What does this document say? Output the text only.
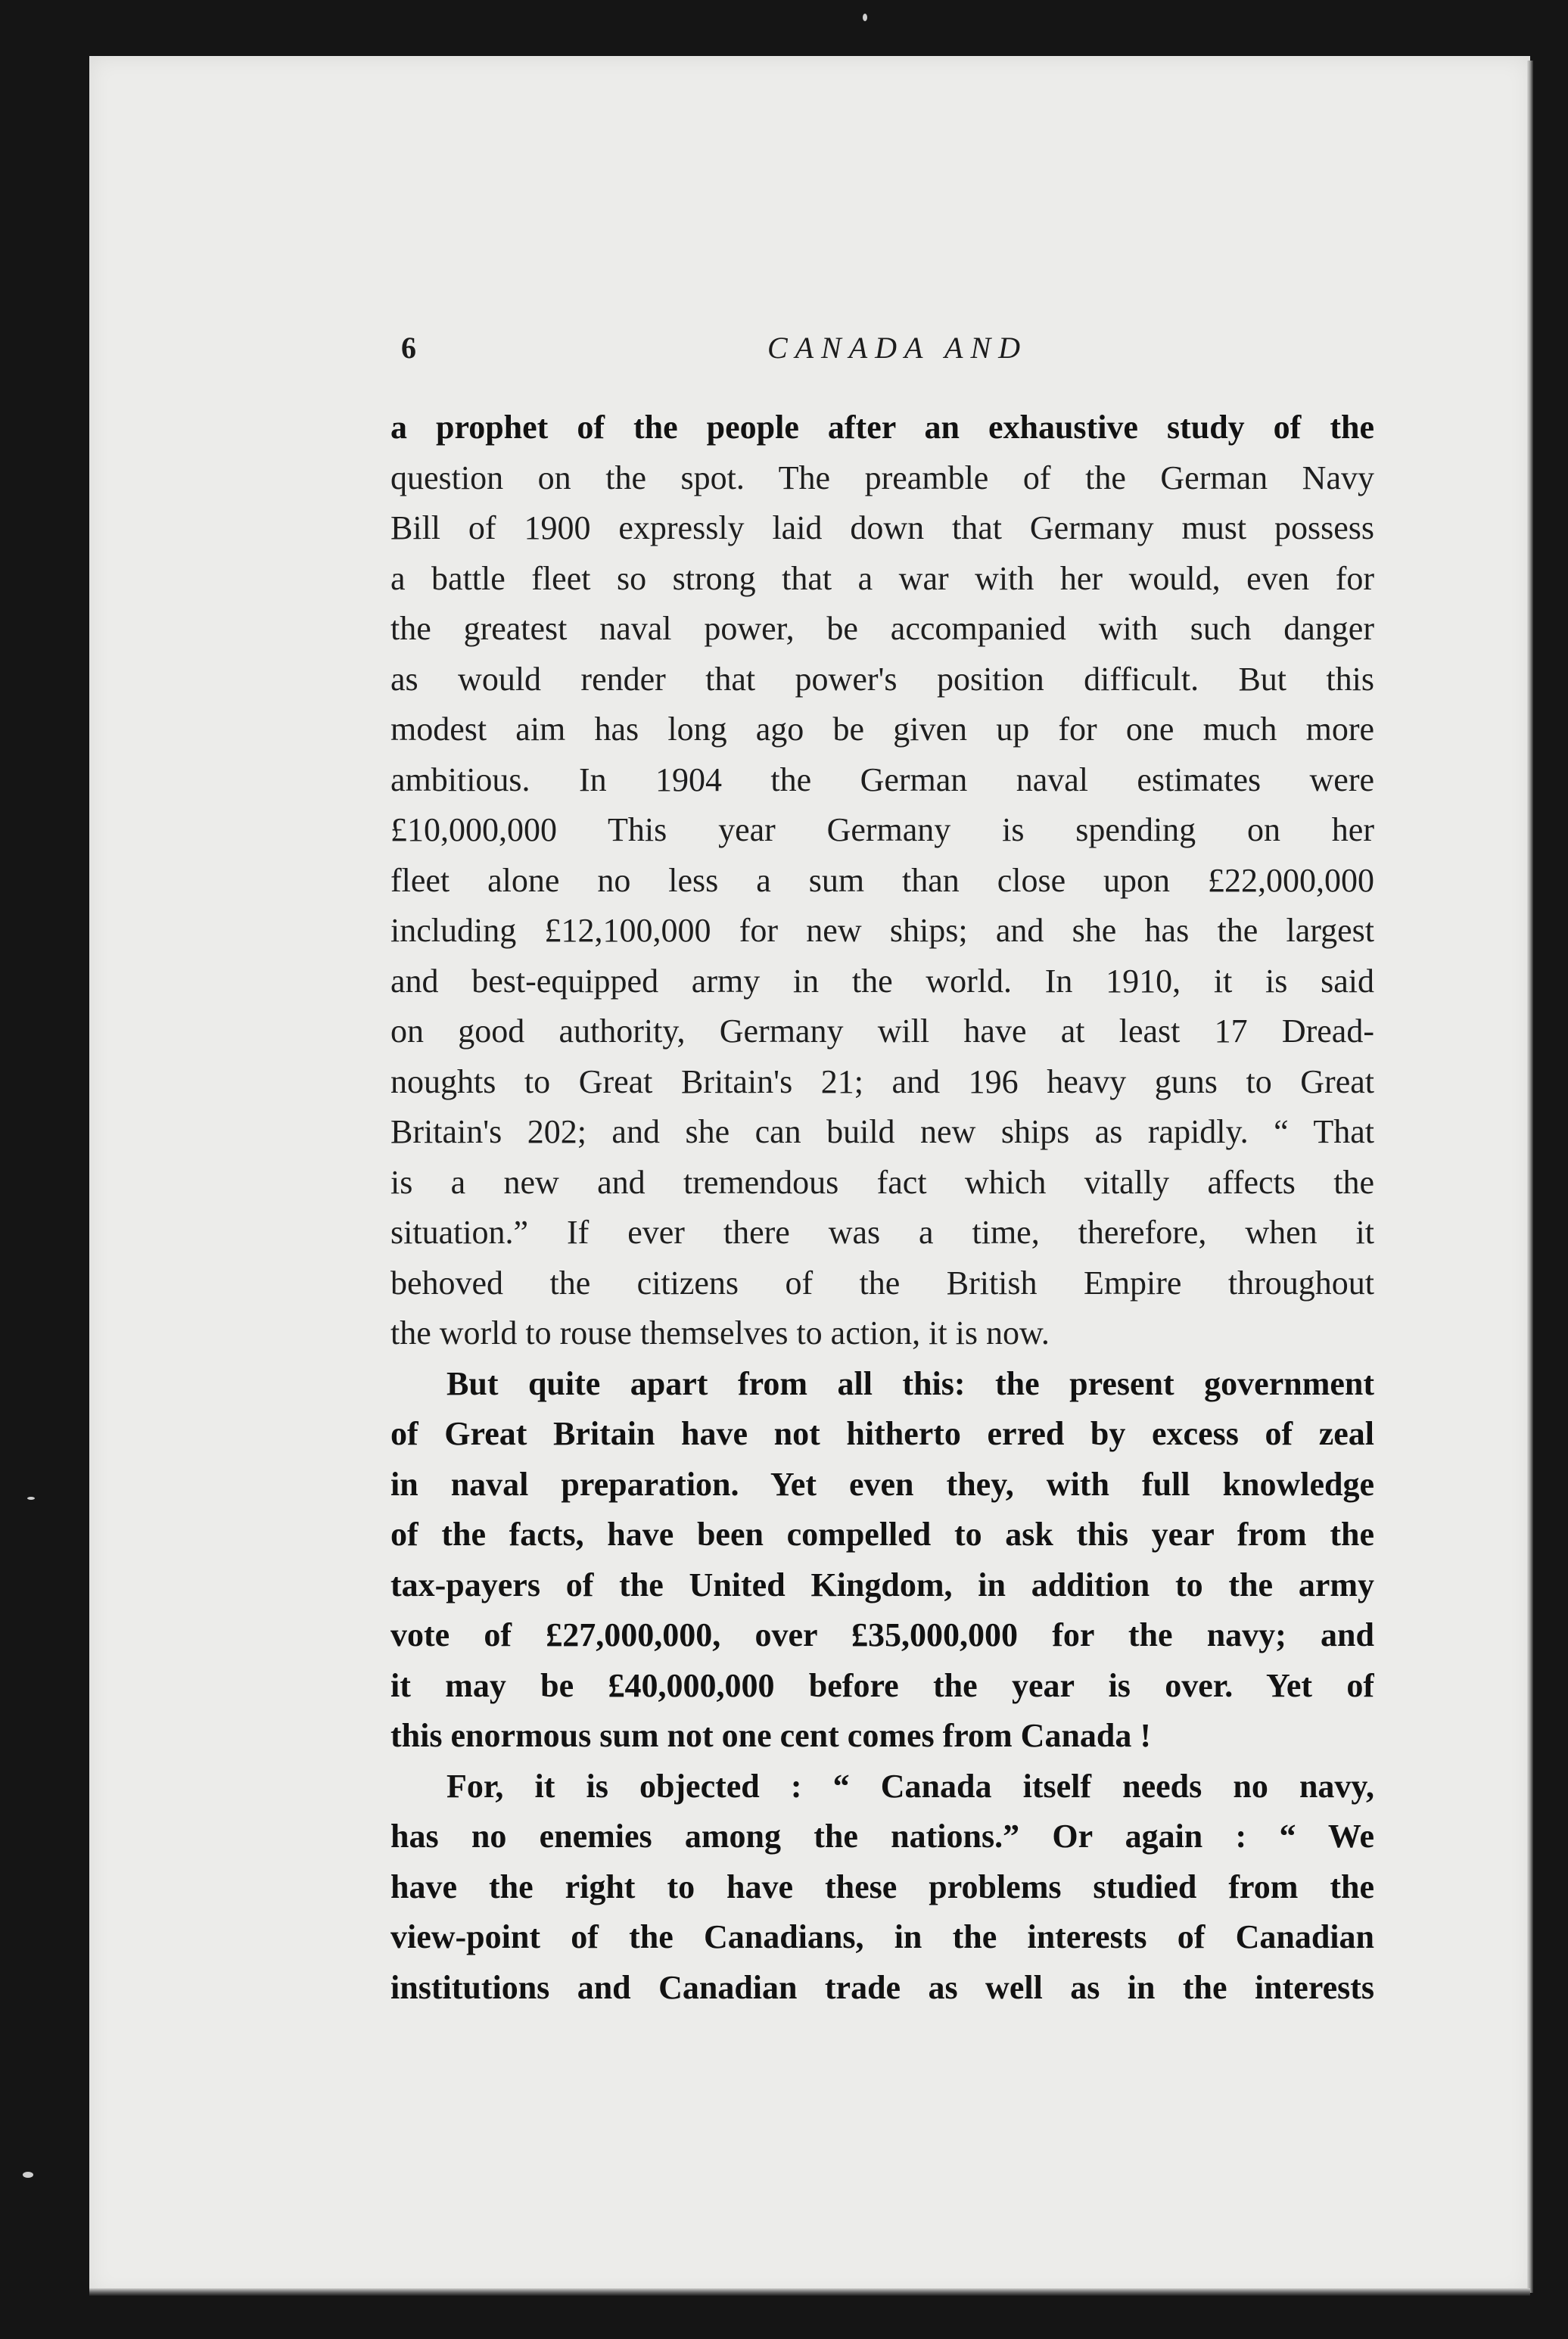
6	CANADA AND
a prophet of the people after an exhaustive study of the
question on the spot. The preamble of the German Navy
Bill of 1900 expressly laid down that Germany must possess
a battle fleet so strong that a war with her would, even for
the greatest naval power, be accompanied with such danger
as would render that power's position difficult. But this
modest aim has long ago be given up for one much more
ambitious. In 1904 the German naval estimates were
£10,000,000 This year Germany is spending on her
fleet alone no less a sum than close upon £22,000,000
including £12,100,000 for new ships; and she has the largest
and best-equipped army in the world. In 1910, it is said
on good authority, Germany will have at least 17 Dread-
noughts to Great Britain's 21; and 196 heavy guns to Great
Britain's 202; and she can build new ships as rapidly. “ That
is a new and tremendous fact which vitally affects the
situation.” If ever there was a time, therefore, when it
behoved the citizens of the British Empire throughout
the world to rouse themselves to action, it is now.
But quite apart from all this: the present government
of Great Britain have not hitherto erred by excess of zeal
in naval preparation. Yet even they, with full knowledge
of the facts, have been compelled to ask this year from the
tax-payers of the United Kingdom, in addition to the army
vote of £27,000,000, over £35,000,000 for the navy; and
it may be £40,000,000 before the year is over. Yet of
this enormous sum not one cent comes from Canada !
For, it is objected : “ Canada itself needs no navy,
has no enemies among the nations.” Or again : “ We
have the right to have these problems studied from the
view-point of the Canadians, in the interests of Canadian
institutions and Canadian trade as well as in the interests
